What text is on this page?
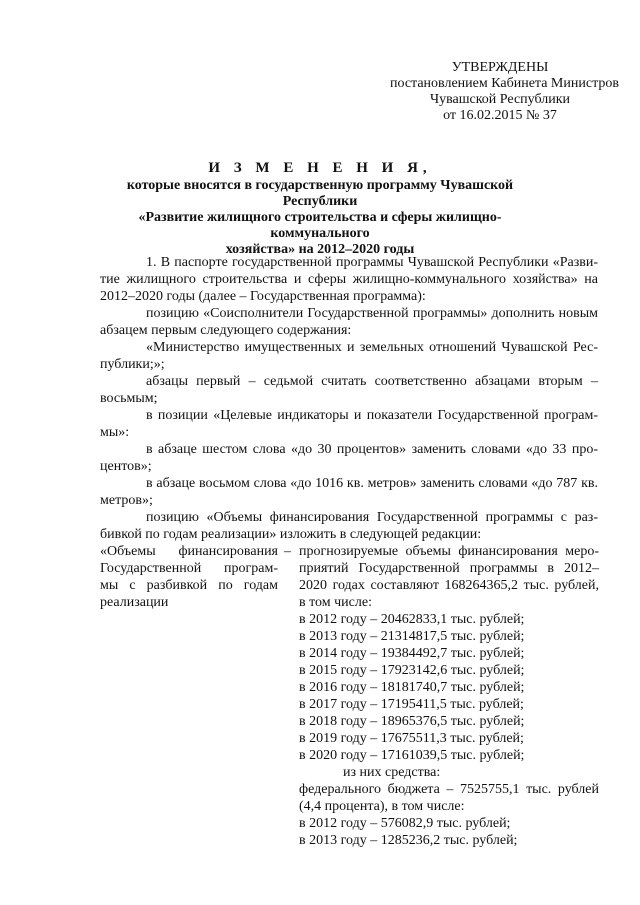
УТВЕРЖДЕНЫ
постановлением Кабинета Министров
Чувашской Республики
от 16.02.2015 № 37
И З М Е Н Е Н И Я,
которые вносятся в государственную программу Чувашской Республики
«Развитие жилищного строительства и сферы жилищно-коммунального
хозяйства» на 2012–2020 годы
1. В паспорте государственной программы Чувашской Республики «Разви-
тие жилищного строительства и сферы жилищно-коммунального хозяйства» на
2012–2020 годы (далее – Государственная программа):
позицию «Соисполнители Государственной программы» дополнить новым
абзацем первым следующего содержания:
«Министерство имущественных и земельных отношений Чувашской Рес-
публики;»;
абзацы первый – седьмой считать соответственно абзацами вторым –
восьмым;
в позиции «Целевые индикаторы и показатели Государственной програм-
мы»:
в абзаце шестом слова «до 30 процентов» заменить словами «до 33 про-
центов»;
в абзаце восьмом слова «до 1016 кв. метров» заменить словами «до 787 кв.
метров»;
позицию «Объемы финансирования Государственной программы с раз-
бивкой по годам реализации» изложить в следующей редакции:
«Объемы финансирования
Государственной програм-
мы с разбивкой по годам
реализации
– прогнозируемые объемы финансирования меро-
приятий Государственной программы в 2012–
2020 годах составляют 168264365,2 тыс. рублей,
в том числе:
в 2012 году – 20462833,1 тыс. рублей;
в 2013 году – 21314817,5 тыс. рублей;
в 2014 году – 19384492,7 тыс. рублей;
в 2015 году – 17923142,6 тыс. рублей;
в 2016 году – 18181740,7 тыс. рублей;
в 2017 году – 17195411,5 тыс. рублей;
в 2018 году – 18965376,5 тыс. рублей;
в 2019 году – 17675511,3 тыс. рублей;
в 2020 году – 17161039,5 тыс. рублей;
из них средства:
федерального бюджета – 7525755,1 тыс. рублей
(4,4 процента), в том числе:
в 2012 году – 576082,9 тыс. рублей;
в 2013 году – 1285236,2 тыс. рублей;
